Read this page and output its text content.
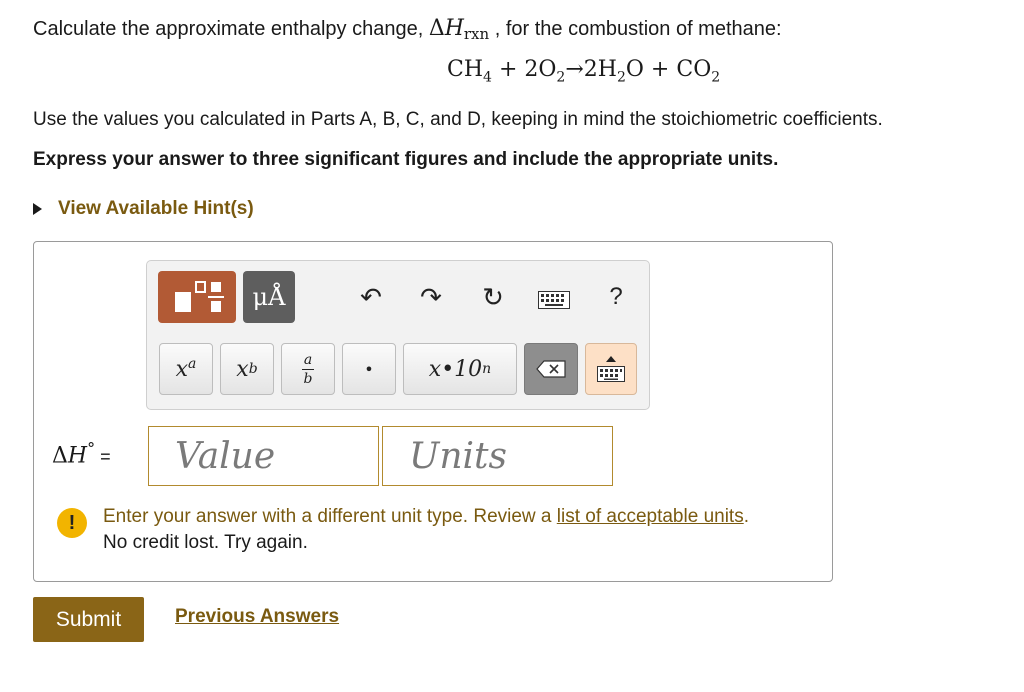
Calculate the approximate enthalpy change, $\Delta H_{rxn}$ , for the combustion of methane:
$CH_4 + 2O_2\to 2H_2O + CO_2$
Use the values you calculated in Parts A, B, C, and D, keeping in mind the stoichiometric coefficients.
Express your answer to three significant figures and include the appropriate units.
View Available Hint(s)
μÅ	↶ ↷ ↻	?
$x^a$ x b	$\frac{a}{b}$	•	x•10 n
ΔH° =
Value
Units
!	Enter your answer with a different unit type. Review a list of acceptable units.
No credit lost. Try again.
Submit	Previous Answers
